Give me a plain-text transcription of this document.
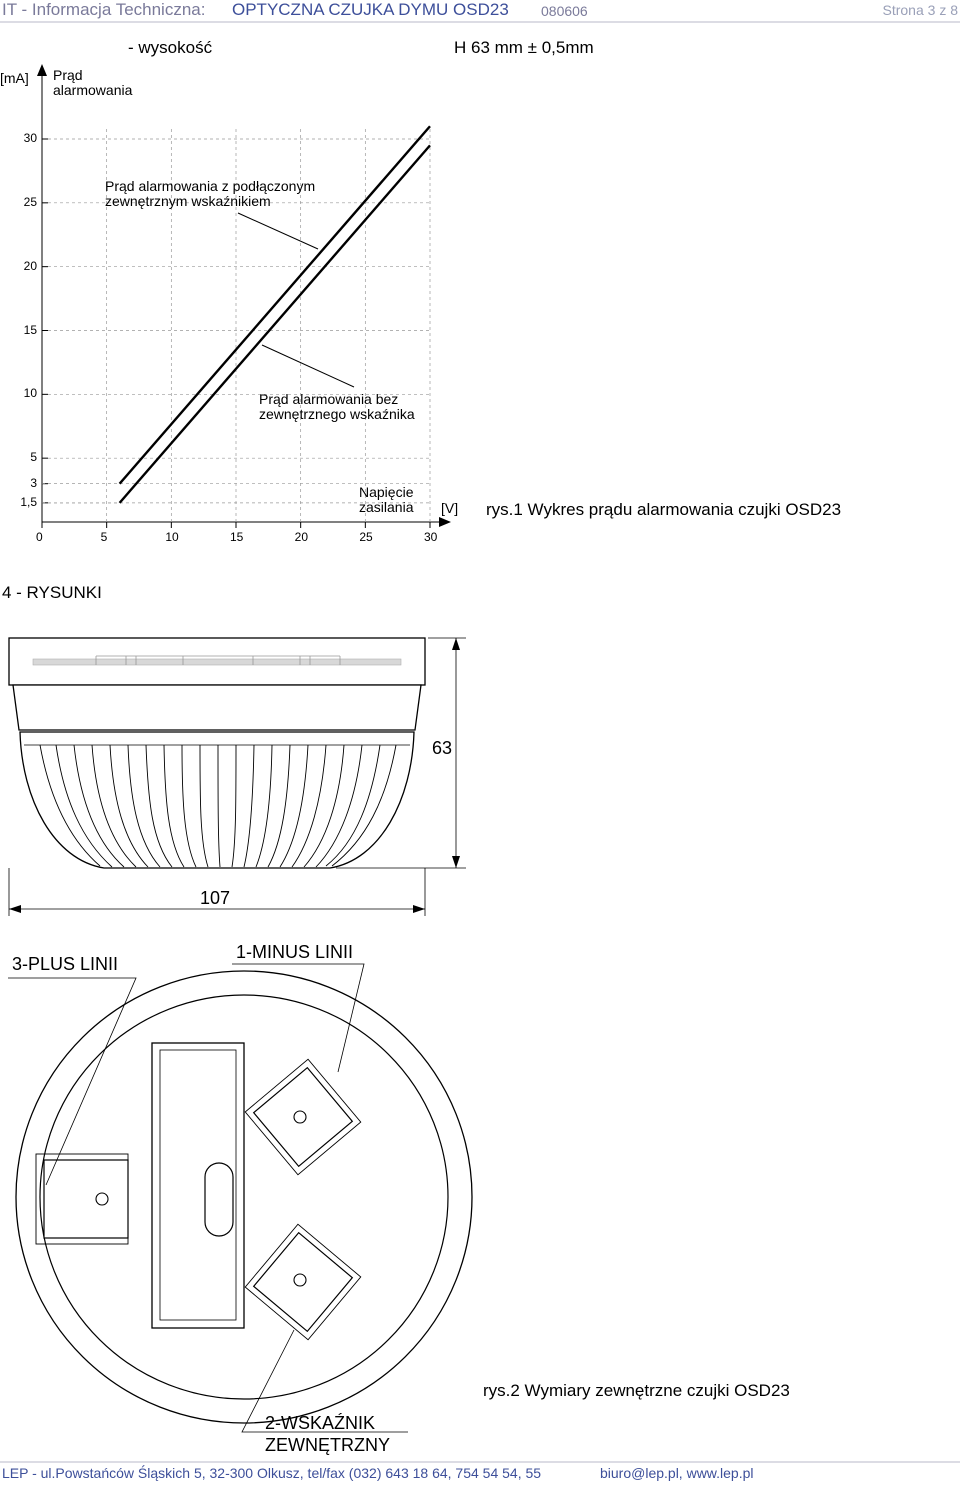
IT - Informacja Techniczna: OPTYCZNA CZUJKA DYMU OSD23 080606	Strona 3 z 8
- wysokość	H 63 mm ± 0,5mm
[mA] Prąd
alarmowania
30
25
20
15
10
5
3
1,5
0	5	10	15	20	25	30
Prąd alarmowania z podłączonym
zewnętrznym wskaźnikiem
Prąd alarmowania bez
zewnętrznego wskaźnika
Napięcie
zasilania [V] rys.1 Wykres prądu alarmowania czujki OSD23
4 - RYSUNKI
63
107
3-PLUS LINII
1-MINUS LINII
2-WSKAŹNIK
ZEWNĘTRZNY
rys.2 Wymiary zewnętrzne czujki OSD23
LEP - ul.Powstańców Śląskich 5, 32-300 Olkusz, tel/fax (032) 643 18 64, 754 54 54, 55	biuro@lep.pl, www.lep.pl
